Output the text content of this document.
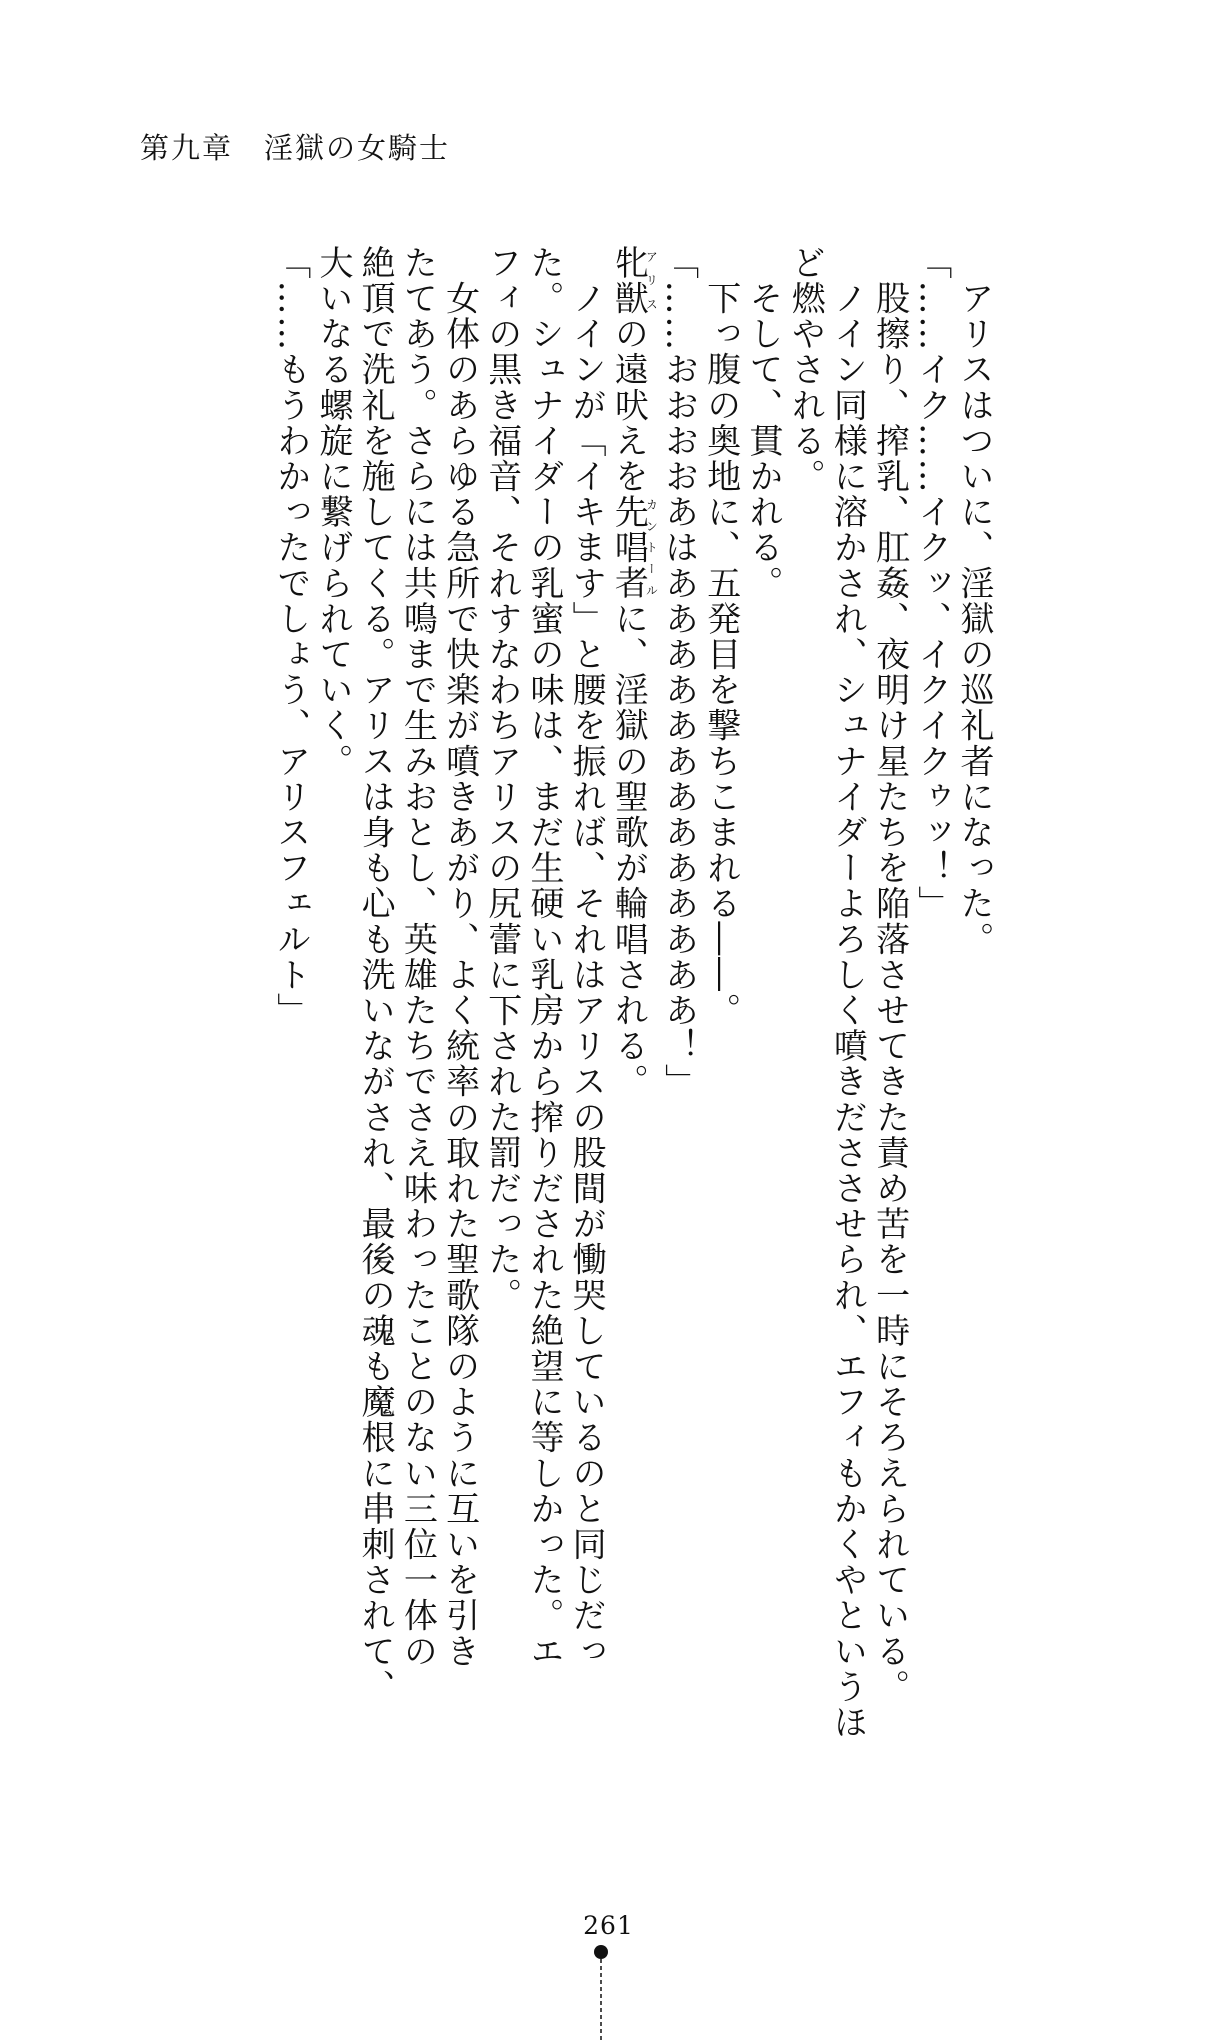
第九章　淫獄の女騎士
　アリスはついに、淫獄の巡礼者になった。
「……イク……イクッ、イクイクゥッ！」
　股擦り、搾乳、肛姦、夜明け星たちを陥落させてきた責め苦を一時にそろえられている。
　ノイン同様に溶かされ、シュナイダーよろしく噴きだささせられ、エフィもかくやというほ
ど燃やされる。
　そして、貫かれる。
　下っ腹の奥地に、五発目を撃ちこまれる――。
「……おおおおあはあああああああああああああ！」
牝獣アリスの遠吠えを先唱者カントールに、淫獄の聖歌が輪唱される。
　ノインが「イキます」と腰を振れば、それはアリスの股間が慟哭しているのと同じだっ
た。シュナイダーの乳蜜の味は、まだ生硬い乳房から搾りだされた絶望に等しかった。エ
フィの黒き福音、それすなわちアリスの尻蕾に下された罰だった。
　女体のあらゆる急所で快楽が噴きあがり、よく統率の取れた聖歌隊のように互いを引き
たてあう。さらには共鳴まで生みおとし、英雄たちでさえ味わったことのない三位一体の
絶頂で洗礼を施してくる。アリスは身も心も洗いながされ、最後の魂も魔根に串刺されて、
大いなる螺旋に繋げられていく。
「……もうわかったでしょう、アリスフェルト」
261
